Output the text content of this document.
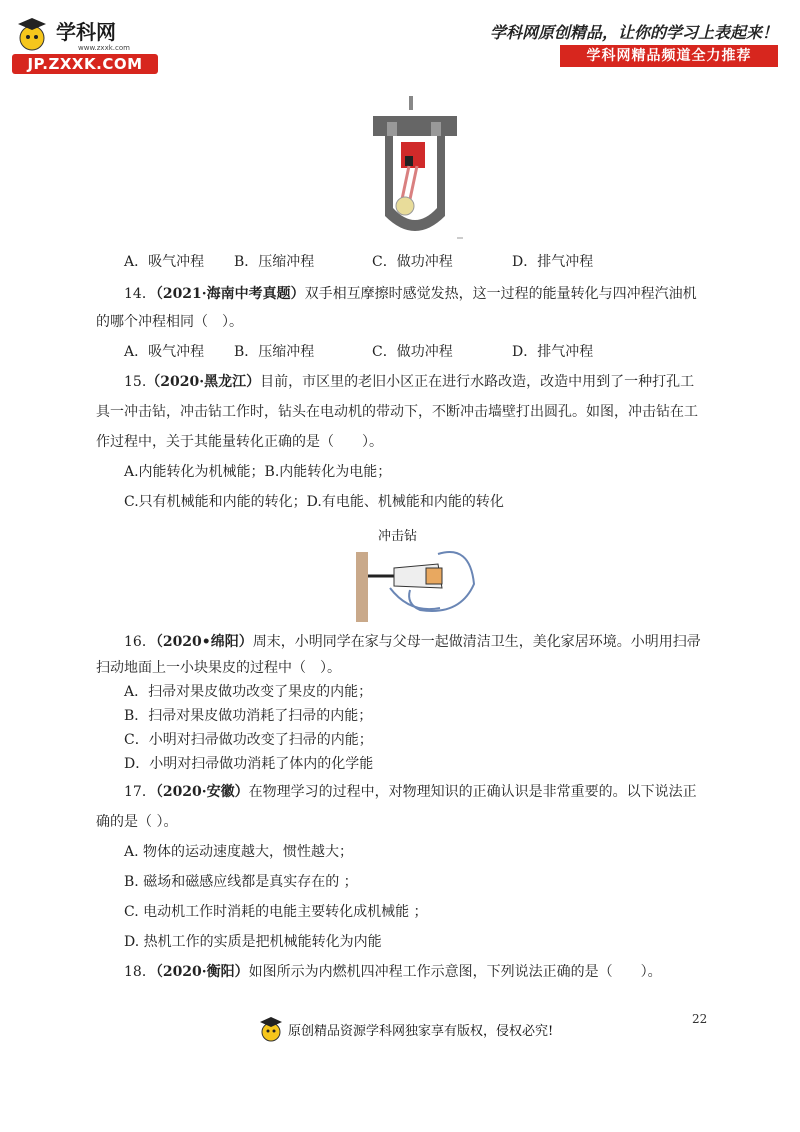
学科网
www.zxxk.com
JP.ZXXK.COM
学科网原创精品，让你的学习上表起来！
学科网精品频道全力推荐
A．吸气冲程 B．压缩冲程	C．做功冲程	D．排气冲程
14．（2021·海南中考真题）双手相互摩擦时感觉发热，这一过程的能量转化与四冲程汽油机
的哪个冲程相同（　）。
A．吸气冲程 B．压缩冲程	C．做功冲程	D．排气冲程
15.（2020·黑龙江）目前，市区里的老旧小区正在进行水路改造，改造中用到了一种打孔工
具一冲击钻，冲击钻工作时，钻头在电动机的带动下，不断冲击墙壁打出圆孔。如图，冲击钻在工
作过程中，关于其能量转化正确的是（　　）。
A.内能转化为机械能；B.内能转化为电能；
C.只有机械能和内能的转化；D.有电能、机械能和内能的转化
冲击钻
16．（2020•绵阳）周末，小明同学在家与父母一起做清洁卫生，美化家居环境。小明用扫帚
扫动地面上一小块果皮的过程中（　）。
A．扫帚对果皮做功改变了果皮的内能；
B．扫帚对果皮做功消耗了扫帚的内能；
C．小明对扫帚做功改变了扫帚的内能；
D．小明对扫帚做功消耗了体内的化学能
17．（2020·安徽）在物理学习的过程中，对物理知识的正确认识是非常重要的。以下说法正
确的是（ ）。
A. 物体的运动速度越大，惯性越大；
B. 磁场和磁感应线都是真实存在的 ；
C. 电动机工作时消耗的电能主要转化成机械能 ；
D. 热机工作的实质是把机械能转化为内能
18．（2020·衡阳）如图所示为内燃机四冲程工作示意图，下列说法正确的是（　　）。
22
原创精品资源学科网独家享有版权，侵权必究!
